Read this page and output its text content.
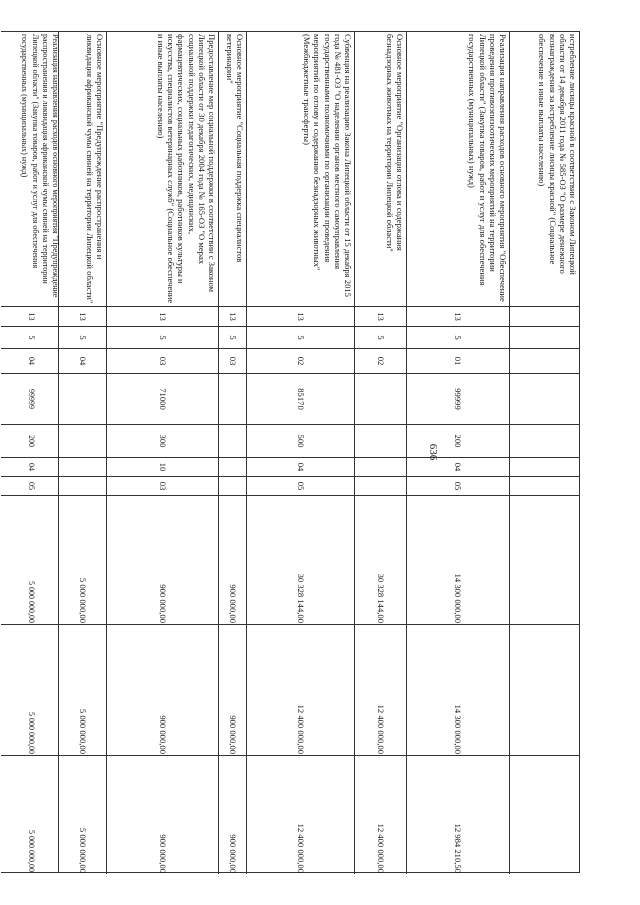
636
истребление лисицы красной в соответствии с Законом Липецкой области от 14 декабря 2011 года № 585-ОЗ "О размере денежного вознаграждения за истребление лисицы красной" (Социальное обеспечение и иные выплаты населению)
Реализация направления расходов основного мероприятия "Обеспечение проведения противоэпизоотических мероприятий на территории Липецкой области" (Закупка товаров, работ и услуг для обеспечения государственных (муниципальных) нужд)
13
5
01
99999
200
04
05
14 300 000,00
14 300 000,00
12 984 210,50
Основное мероприятие "Организация отлова и содержания безнадзорных животных на территории Липецкой области"
13
5
02
30 328 144,00
12 400 000,00
12 400 000,00
Субвенция на реализацию Закона Липецкой области от 15 декабря 2015 года № 481-ОЗ "О наделении органов местного самоуправления государственными полномочиями по организации проведения мероприятий по отлову и содержанию безнадзорных животных" (Межбюджетные трансферты)
13
5
02
85170
500
04
05
30 328 144,00
12 400 000,00
12 400 000,00
Основное мероприятие "Социальная поддержка специалистов ветеринарии"
13
5
03
900 000,00
900 000,00
900 000,00
Предоставление мер социальной поддержки в соответствии с Законом Липецкой области от 30 декабря 2004 года № 165-ОЗ "О мерах социальной поддержки педагогических, медицинских, фармацевтических, социальных работников, работников культуры и искусства, специалистов ветеринарных служб" (Социальное обеспечение и иные выплаты населению)
13
5
03
71000
300
10
03
900 000,00
900 000,00
900 000,00
Основное мероприятие "Предупреждение распространения и ликвидация африканской чумы свиней на территории Липецкой области"
13
5
04
5 000 000,00
5 000 000,00
5 000 000,00
Реализация направления расходов основного мероприятия "Предупреждение распространения и ликвидация африканской чумы свиней на территории Липецкой области" (Закупка товаров, работ и услуг для обеспечения государственных (муниципальных) нужд)
13
5
04
99999
200
04
05
5 000 000,00
5 000 000,00
5 000 000,00
